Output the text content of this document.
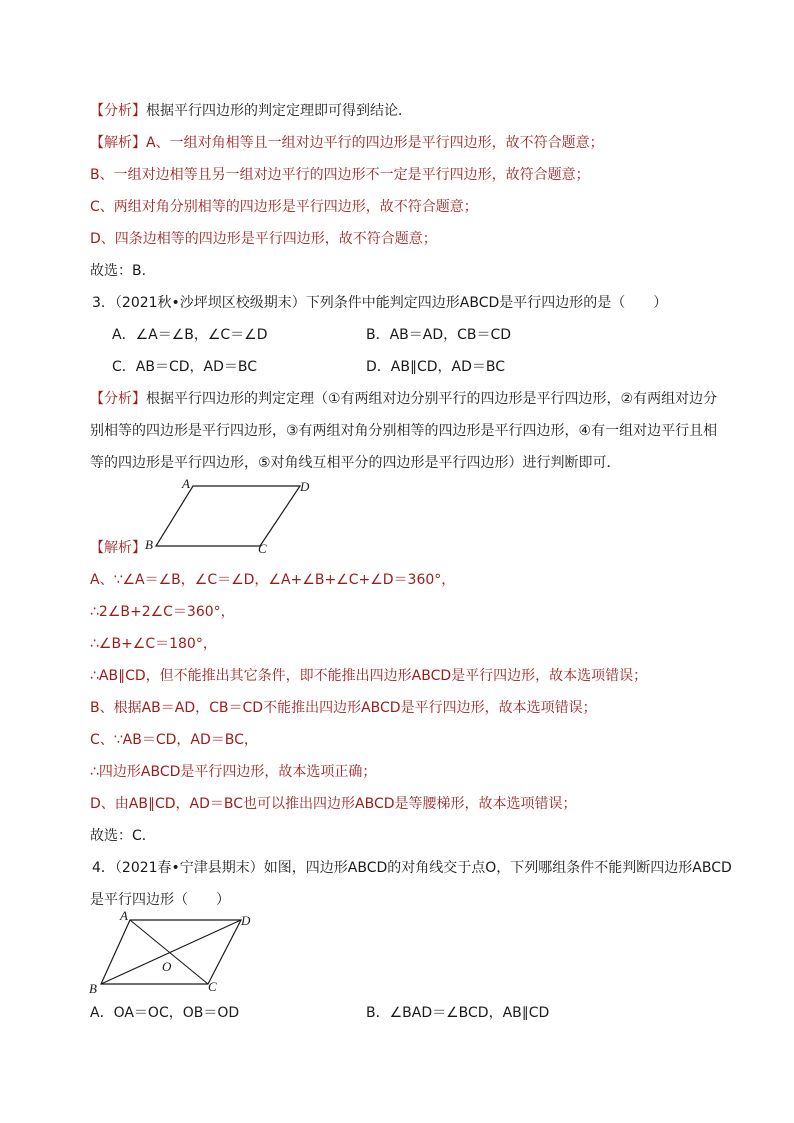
【分析】根据平行四边形的判定定理即可得到结论．
【解析】A、一组对角相等且一组对边平行的四边形是平行四边形，故不符合题意；
B、一组对边相等且另一组对边平行的四边形不一定是平行四边形，故符合题意；
C、两组对角分别相等的四边形是平行四边形，故不符合题意；
D、四条边相等的四边形是平行四边形，故不符合题意；
故选：B．
3．（2021秋•沙坪坝区校级期末）下列条件中能判定四边形ABCD是平行四边形的是（　　）
A．∠A＝∠B，∠C＝∠D	B．AB＝AD，CB＝CD
C．AB＝CD，AD＝BC	D．AB∥CD，AD＝BC
【分析】根据平行四边形的判定定理（①有两组对边分别平行的四边形是平行四边形，②有两组对边分
别相等的四边形是平行四边形，③有两组对角分别相等的四边形是平行四边形，④有一组对边平行且相
等的四边形是平行四边形，⑤对角线互相平分的四边形是平行四边形）进行判断即可．
A	D
B	C
【解析】
A、∵∠A＝∠B，∠C＝∠D，∠A+∠B+∠C+∠D＝360°，
∴2∠B+2∠C＝360°，
∴∠B+∠C＝180°，
∴AB∥CD，但不能推出其它条件，即不能推出四边形ABCD是平行四边形，故本选项错误；
B、根据AB＝AD，CB＝CD不能推出四边形ABCD是平行四边形，故本选项错误；
C、∵AB＝CD，AD＝BC，
∴四边形ABCD是平行四边形，故本选项正确；
D、由AB∥CD，AD＝BC也可以推出四边形ABCD是等腰梯形，故本选项错误；
故选：C．
4．（2021春•宁津县期末）如图，四边形ABCD的对角线交于点O，下列哪组条件不能判断四边形ABCD
是平行四边形（　　）
A	D
B	C
O
A．OA＝OC，OB＝OD	B．∠BAD＝∠BCD，AB∥CD
